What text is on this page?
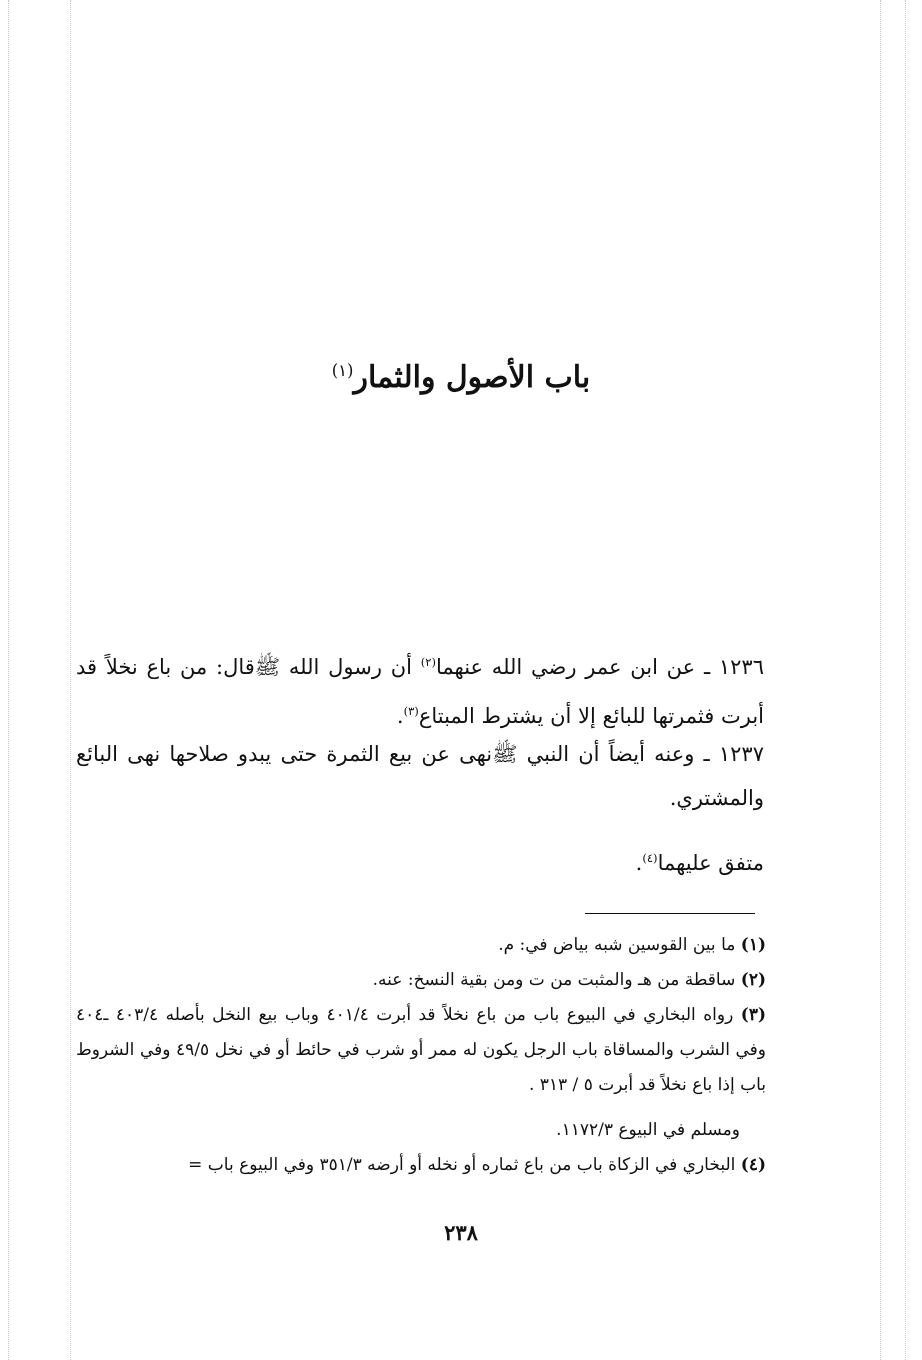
باب الأصول والثمار$^{(١)}$

١٢٣٦ ـ عن ابن عمر رضي الله عنهما$^{(٢)}$ أن رسول الله ﷺقال: من باع نخلاً قد أبرت فثمرتها للبائع إلا أن يشترط المبتاع$^{(٣)}$.

١٢٣٧ ـ وعنه أيضاً أن النبي ﷺنهى عن بيع الثمرة حتى يبدو صلاحها نهى البائع والمشتري.

متفق عليهما$^{(٤)}$.

(١) ما بين القوسين شبه بياض في: م.

(٢) ساقطة من هـ والمثبت من ت ومن بقية النسخ: عنه.

(٣) رواه البخاري في البيوع باب من باع نخلاً قد أبرت ٤٠١/٤ وباب بيع النخل بأصله ٤٠٣/٤ ـ٤٠٤ وفي الشرب والمساقاة باب الرجل يكون له ممر أو شرب في حائط أو في نخل ٤٩/٥ وفي الشروط باب إذا باع نخلاً قد أبرت ٥ / ٣١٣ .

ومسلم في البيوع ١١٧٢/٣.

(٤) البخاري في الزكاة باب من باع ثماره أو نخله أو أرضه ٣٥١/٣ وفي البيوع باب =

٢٣٨
